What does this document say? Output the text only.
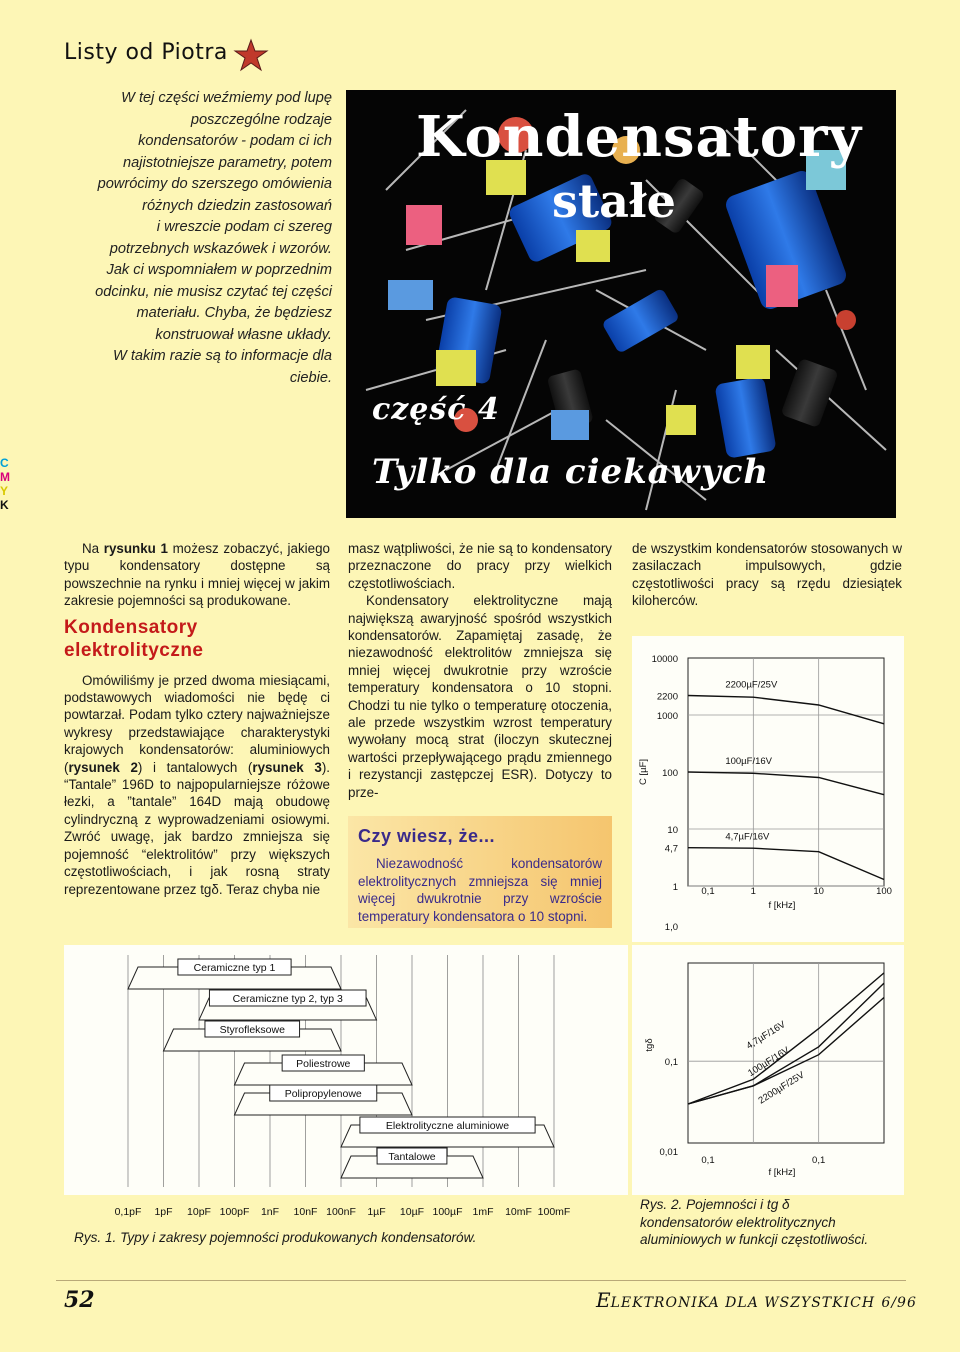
Listy od Piotra
W tej części weźmiemy pod lupę
poszczególne rodzaje
kondensatorów - podam ci ich
najistotniejsze parametry, potem
powrócimy do szerszego omówienia
różnych dziedzin zastosowań
i wreszcie podam ci szereg
potrzebnych wskazówek i wzorów.
Jak ci wspomniałem w poprzednim
odcinku, nie musisz czytać tej części
materiału. Chyba, że będziesz
konstruował własne układy.
W takim razie są to informacje dla
ciebie.
Kondensatory
stałe
część 4
Tylko dla ciekawych
C
M
Y
K

Na rysunku 1 możesz zobaczyć, jakiego typu kondensatory dostępne są powszechnie na rynku i mniej więcej w jakim zakresie pojemności są produkowane.

Kondensatory
elektrolityczne

Omówiliśmy je przed dwoma miesiącami, podstawowych wiadomości nie będę ci powtarzał. Podam tylko cztery najważniejsze wykresy przedstawiające charakterystyki krajowych kondensatorów: aluminiowych (rysunek 2) i tantalowych (rysunek 3). “Tantale” 196D to najpopularniejsze różowe łezki, a ”tantale” 164D mają obudowę cylindryczną z wyprowadzeniami osiowymi. Zwróć uwagę, jak bardzo zmniejsza się pojemność “elektrolitów” przy większych częstotliwościach, i jak rosną straty reprezentowane przez tgδ. Teraz chyba nie

masz wątpliwości, że nie są to kondensatory przeznaczone do pracy przy wielkich częstotliwościach.

Kondensatory elektrolityczne mają największą awaryjność spośród wszystkich kondensatorów. Zapamiętaj zasadę, że niezawodność elektrolitów zmniejsza się mniej więcej dwukrotnie przy wzroście temperatury kondensatora o 10 stopni. Chodzi tu nie tylko o temperaturę otoczenia, ale przede wszystkim wzrost temperatury wywołany mocą strat (iloczyn skutecznej wartości przepływającego prądu zmiennego i rezystancji zastępczej ESR). Dotyczy to prze-

Czy wiesz, że...
Niezawodność kondensatorów elektrolitycznych zmniejsza się mniej więcej dwukrotnie przy wzroście temperatury kondensatora o 10 stopni.

de wszystkim kondensatorów stosowanych w zasilaczach impulsowych, gdzie częstotliwości pracy są rzędu dziesiątek kiloherców.

Ceramiczne typ 1
Ceramiczne typ 2, typ 3
Styrofleksowe
Poliestrowe
Polipropylenowe
Elektrolityczne aluminiowe
Tantalowe
0,1pF 1pF 10pF 100pF 1nF 10nF 100nF 1µF 10µF 100µF 1mF 10mF 100mF
Rys. 1. Typy i zakresy pojemności produkowanych kondensatorów.
10000
2200
1000
100
10
4,7
1
1,0
0,1	1	10	100
f [kHz]
C [µF]
2200µF/25V
100µF/16V
4,7µF/16V
0,1
0,01
0,1	0,1
f [kHz]
tgδ	4,7µF/16V
100µF/16V
2200µF/25V
Rys. 2. Pojemności i tg δ
kondensatorów elektrolitycznych
aluminiowych w funkcji częstotliwości.
52	ELEKTRONIKA DLA WSZYSTKICH 6/96
